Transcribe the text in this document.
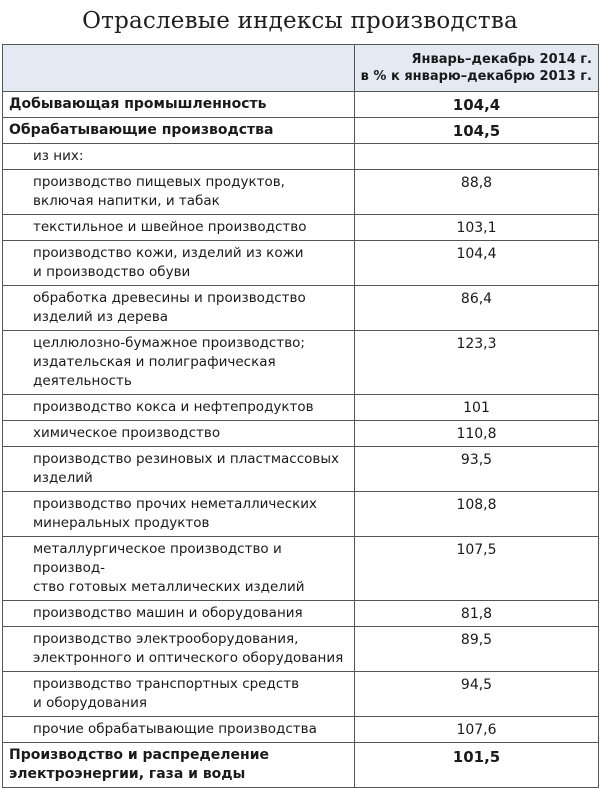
Отраслевые индексы производства

	Январь–декабрь 2014 г.
в % к январю–декабрю 2013 г.

Добывающая промышленность	104,4

Обрабатывающие производства	104,5

из них:	

производство пищевых продуктов,
включая напитки, и табак	88,8

текстильное и швейное производство	103,1

производство кожи, изделий из кожи
и производство обуви	104,4

обработка древесины и производство
изделий из дерева	86,4

целлюлозно-бумажное производство;
издательская и полиграфическая деятельность	123,3

производство кокса и нефтепродуктов	101

химическое производство	110,8

производство резиновых и пластмассовых
изделий	93,5

производство прочих неметаллических
минеральных продуктов	108,8

металлургическое производство и производ-
ство готовых металлических изделий	107,5

производство машин и оборудования	81,8

производство электрооборудования,
электронного и оптического оборудования	89,5

производство транспортных средств
и оборудования	94,5

прочие обрабатывающие производства	107,6

Производство и распределение
электроэнергии, газа и воды	101,5
